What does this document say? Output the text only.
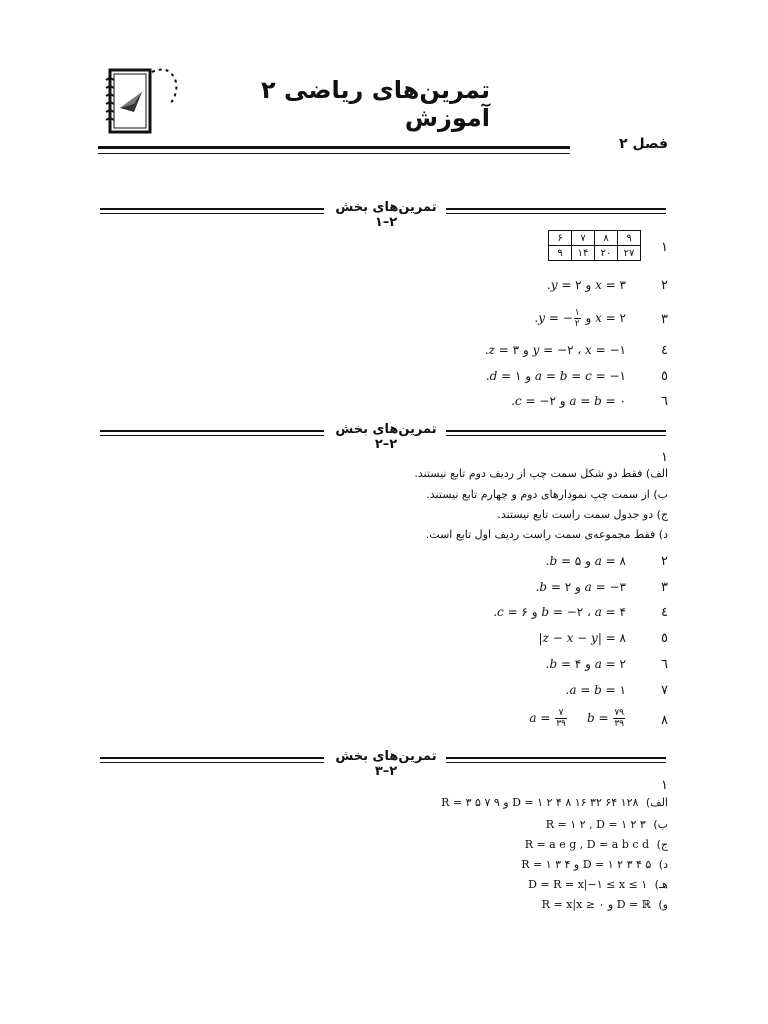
تمرین‌های ریاضی ۲ آموزش
فصل ۲
تمرین‌های بخش ۲–۱
۱
۶	۷	۸	۹
۹	۱۴	۲۰	۲۷
۲
.y = ۲ و x = ۳
۳
.y = − $\frac{۱}{۲}$ و x = ۲
٤
.z = ۳ و y = −۲ ، x = −۱
٥
.d = ۱ و a = b = c = −۱
٦
.c = −۲ و a = b = ۰
تمرین‌های بخش ۲–۲
۱
الف) فقط دو شکل سمت چپ از ردیف دوم تابع نیستند.
ب) از سمت چپ نمودارهای دوم و چهارم تابع نیستند.
ج) دو جدول سمت راست تابع نیستند.
د) فقط مجموعه‌ی سمت راست ردیف اول تابع است.
۲
.b = ۵ و a = ۸
۳
.b = ۲ و a = −۳
٤
.c = ۶ و b = −۲ ، a = ۴
٥
|z − x − y| = ۸
٦
.b = ۴ و a = ۲
۷
.a = b = ۱
۸
$a = \frac{۷}{۳۹}$ $b = \frac{۷۹}{۳۹}$
تمرین‌های بخش ۲–۳
۱
الف) R = ۳ ۵ ۷ ۹ و D = ۱ ۲ ۴ ۸ ۱۶ ۳۲ ۶۴ ۱۲۸
ب) R = ۱ ۲ , D = ۱ ۲ ۳
ج) R = a e g , D = a b c d
د) R = ۱ ۳ ۴ و D = ۱ ۲ ۳ ۴ ۵
هـ) D = R = x|−۱ ≤ x ≤ ۱
و) R = x|x ≥ ۰ و D = ℝ
